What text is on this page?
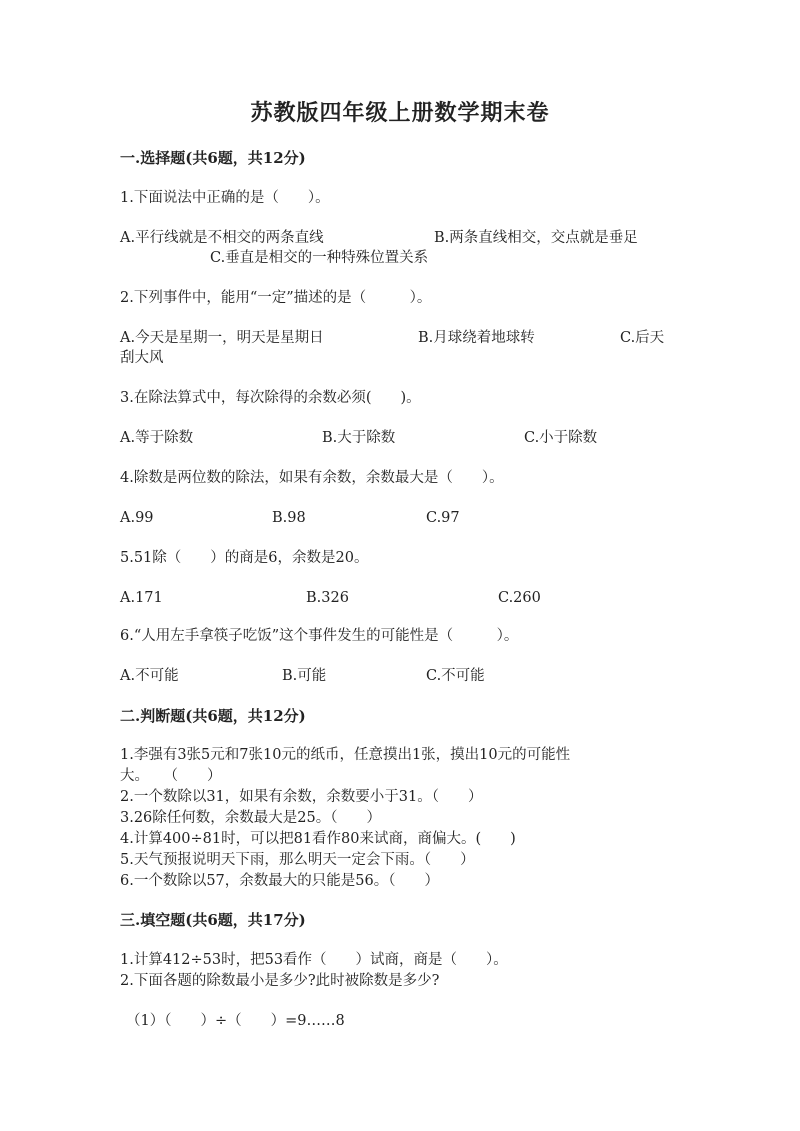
苏教版四年级上册数学期末卷
一.选择题(共6题，共12分)
1.下面说法中正确的是（　　）。
A.平行线就是不相交的两条直线	B.两条直线相交，交点就是垂足
C.垂直是相交的一种特殊位置关系
2.下列事件中，能用“一定”描述的是（　　　）。
A.今天是星期一，明天是星期日	B.月球绕着地球转	C.后天
刮大风
3.在除法算式中，每次除得的余数必须(　　)。
A.等于除数	B.大于除数	C.小于除数
4.除数是两位数的除法，如果有余数，余数最大是（　　）。
A.99	B.98	C.97
5.51除（　　）的商是6，余数是20。
A.171	B.326	C.260
6.“人用左手拿筷子吃饭”这个事件发生的可能性是（　　　）。
A.不可能	B.可能	C.不可能
二.判断题(共6题，共12分)
1.李强有3张5元和7张10元的纸币，任意摸出1张，摸出10元的可能性
大。　　（　　）
2.一个数除以31，如果有余数，余数要小于31。（　　）
3.26除任何数，余数最大是25。（　　）
4.计算400÷81时，可以把81看作80来试商，商偏大。(　　)
5.天气预报说明天下雨，那么明天一定会下雨。（　　）
6.一个数除以57，余数最大的只能是56。（　　）
三.填空题(共6题，共17分)
1.计算412÷53时，把53看作（　　）试商，商是（　　）。
2.下面各题的除数最小是多少?此时被除数是多少?
（1）（　　）÷（　　）=9……8
